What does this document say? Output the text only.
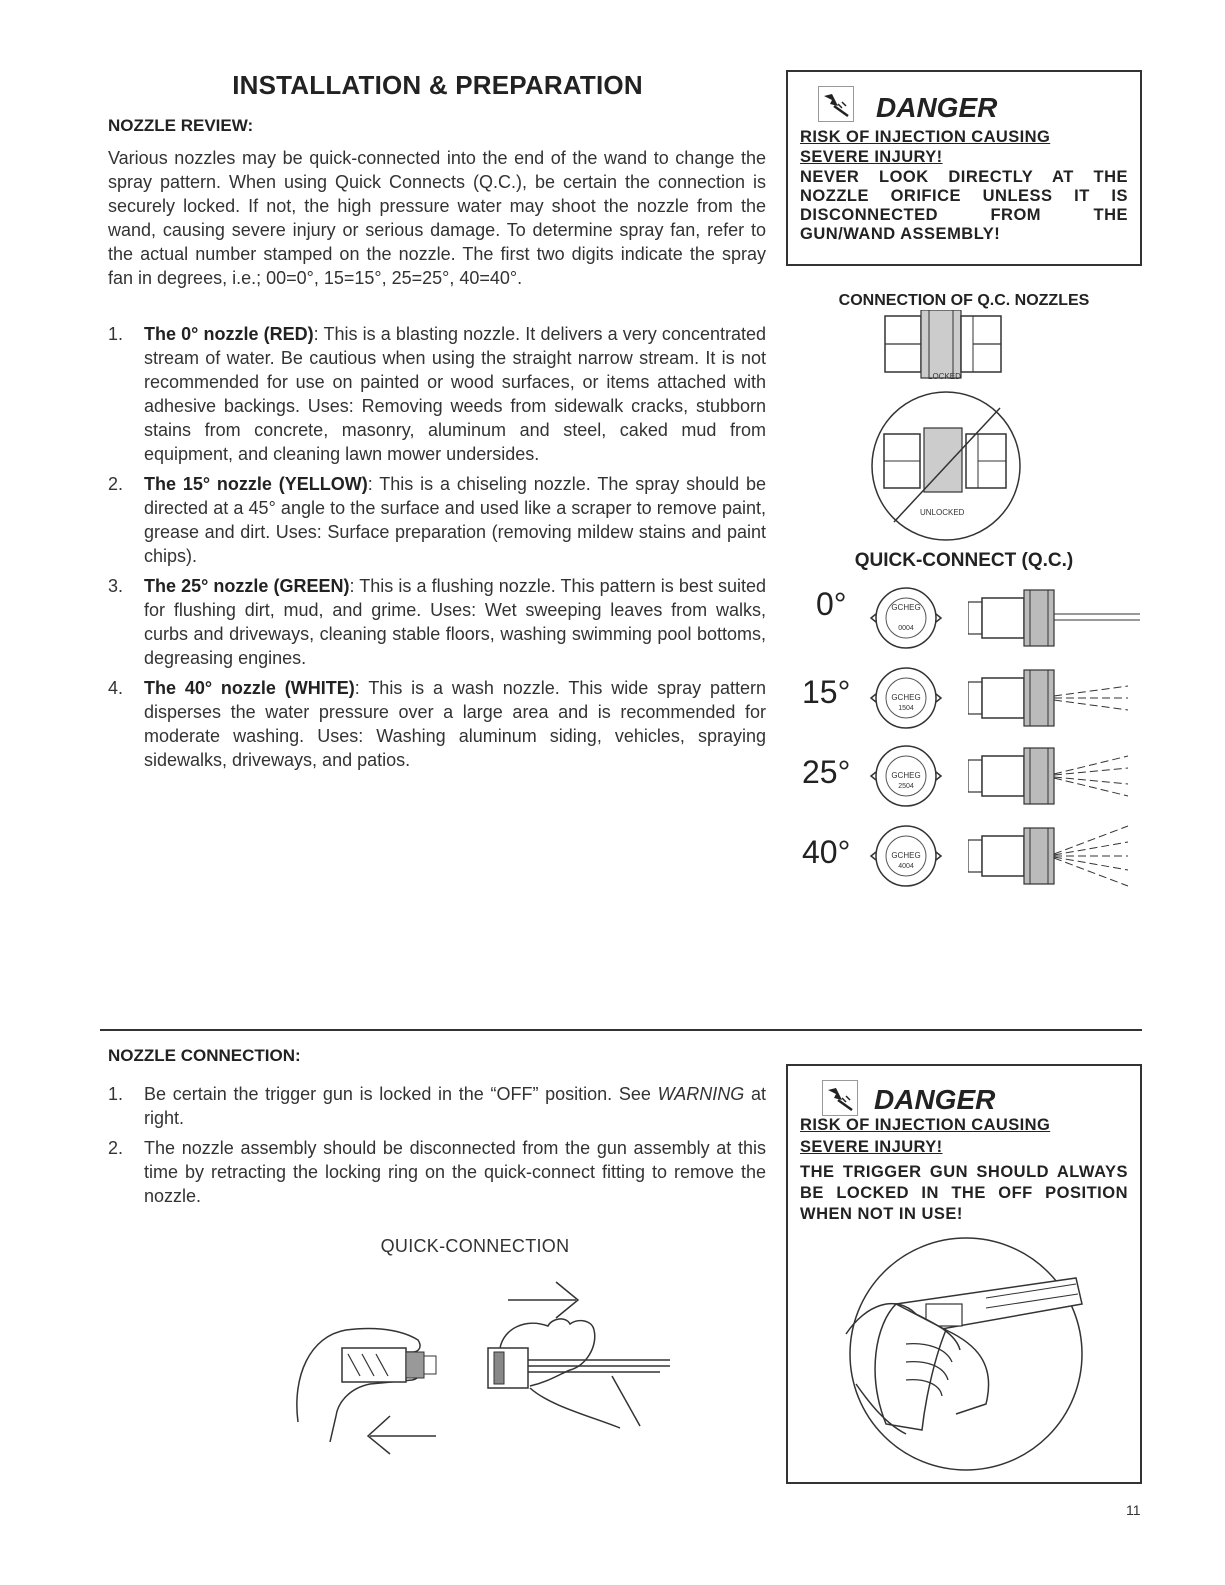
INSTALLATION & PREPARATION
NOZZLE REVIEW:
Various nozzles may be quick-connected into the end of the wand to change the spray pattern. When using Quick Connects (Q.C.), be certain the connection is securely locked. If not, the high pressure water may shoot the nozzle from the wand, causing severe injury or serious damage. To determine spray fan, refer to the actual number stamped on the nozzle. The first two digits indicate the spray fan in degrees, i.e.; 00=0°, 15=15°, 25=25°, 40=40°.
1. The 0° nozzle (RED): This is a blasting nozzle. It delivers a very concentrated stream of water. Be cautious when using the straight narrow stream. It is not recommended for use on painted or wood surfaces, or items attached with adhesive backings. Uses: Removing weeds from sidewalk cracks, stubborn stains from concrete, masonry, aluminum and steel, caked mud from equipment, and cleaning lawn mower undersides.
2. The 15° nozzle (YELLOW): This is a chiseling nozzle. The spray should be directed at a 45° angle to the surface and used like a scraper to remove paint, grease and dirt. Uses: Surface preparation (removing mildew stains and paint chips).
3. The 25° nozzle (GREEN): This is a flushing nozzle. This pattern is best suited for flushing dirt, mud, and grime. Uses: Wet sweeping leaves from walks, curbs and driveways, cleaning stable floors, washing swimming pool bottoms, degreasing engines.
4. The 40° nozzle (WHITE): This is a wash nozzle. This wide spray pattern disperses the water pressure over a large area and is recommended for moderate washing. Uses: Washing aluminum siding, vehicles, spraying sidewalks, driveways, and patios.
DANGER
RISK OF INJECTION CAUSING
SEVERE INJURY!
NEVER LOOK DIRECTLY AT THE NOZZLE ORIFICE UNLESS IT IS DISCONNECTED FROM THE GUN/WAND ASSEMBLY!
CONNECTION OF Q.C. NOZZLES
LOCKED
UNLOCKED
QUICK-CONNECT (Q.C.)
0°	GCHEG
0004
15°	GCHEG
1504
25°	GCHEG
2504
40°	GCHEG
4004
NOZZLE CONNECTION:
1. Be certain the trigger gun is locked in the “OFF” position. See WARNING at right.
2. The nozzle assembly should be disconnected from the gun assembly at this time by retracting the locking ring on the quick-connect fitting to remove the nozzle.
QUICK-CONNECTION
DANGER
RISK OF INJECTION CAUSING
SEVERE INJURY!
THE TRIGGER GUN SHOULD ALWAYS BE LOCKED IN THE OFF POSITION WHEN NOT IN USE!
11
